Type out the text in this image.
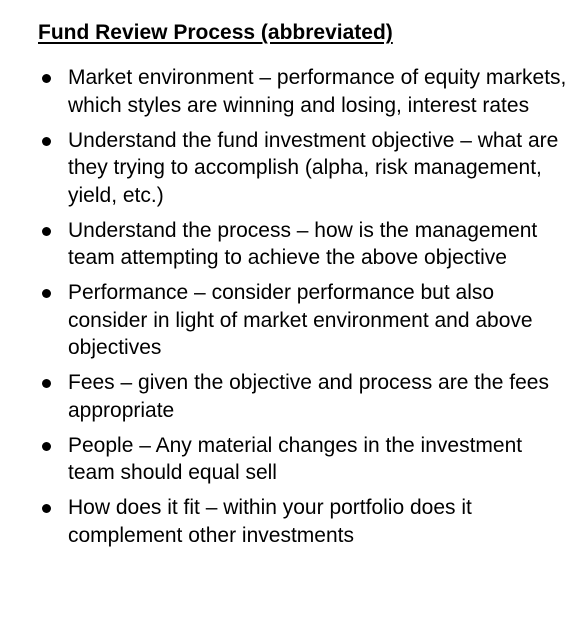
Fund Review Process (abbreviated)
Market environment – performance of equity markets, which styles are winning and losing, interest rates
Understand the fund investment objective – what are they trying to accomplish (alpha, risk management, yield, etc.)
Understand the process – how is the management team attempting to achieve the above objective
Performance – consider performance but also consider in light of market environment and above objectives
Fees – given the objective and process are the fees appropriate
People – Any material changes in the investment team should equal sell
How does it fit – within your portfolio does it complement other investments
